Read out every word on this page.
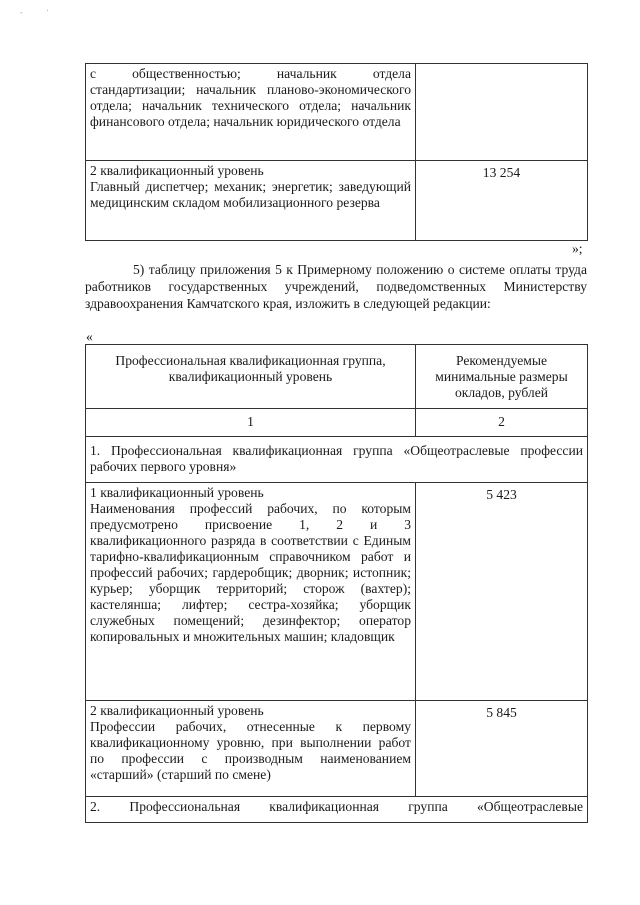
-	'
с общественностью; начальник отдела стандартизации; начальник планово-экономического отдела; начальник технического отдела; начальник финансового отдела; начальник юридического отдела	

2 квалификационный уровень
Главный диспетчер; механик; энергетик; заведующий медицинским складом мобилизационного резерва	13 254
»;
5) таблицу приложения 5 к Примерному положению о системе оплаты труда работников государственных учреждений, подведомственных Министерству здравоохранения Камчатского края, изложить в следующей редакции:
«
Профессиональная квалификационная группа, квалификационный уровень	Рекомендуемые минимальные размеры окладов, рублей
1	2
1. Профессиональная квалификационная группа «Общеотраслевые профессии рабочих первого уровня»	

1 квалификационный уровень
Наименования профессий рабочих, по которым предусмотрено присвоение 1, 2 и 3 квалификационного разряда в соответствии с Единым тарифно-квалификационным справочником работ и профессий рабочих; гардеробщик; дворник; истопник; курьер; уборщик территорий; сторож (вахтер); кастелянша; лифтер; сестра-хозяйка; уборщик служебных помещений; дезинфектор; оператор копировальных и множительных машин; кладовщик	5 423

2 квалификационный уровень
Профессии рабочих, отнесенные к первому квалификационному уровню, при выполнении работ по профессии с производным наименованием «старший» (старший по смене)	5 845

2. Профессиональная квалификационная группа «Общеотраслевые	
